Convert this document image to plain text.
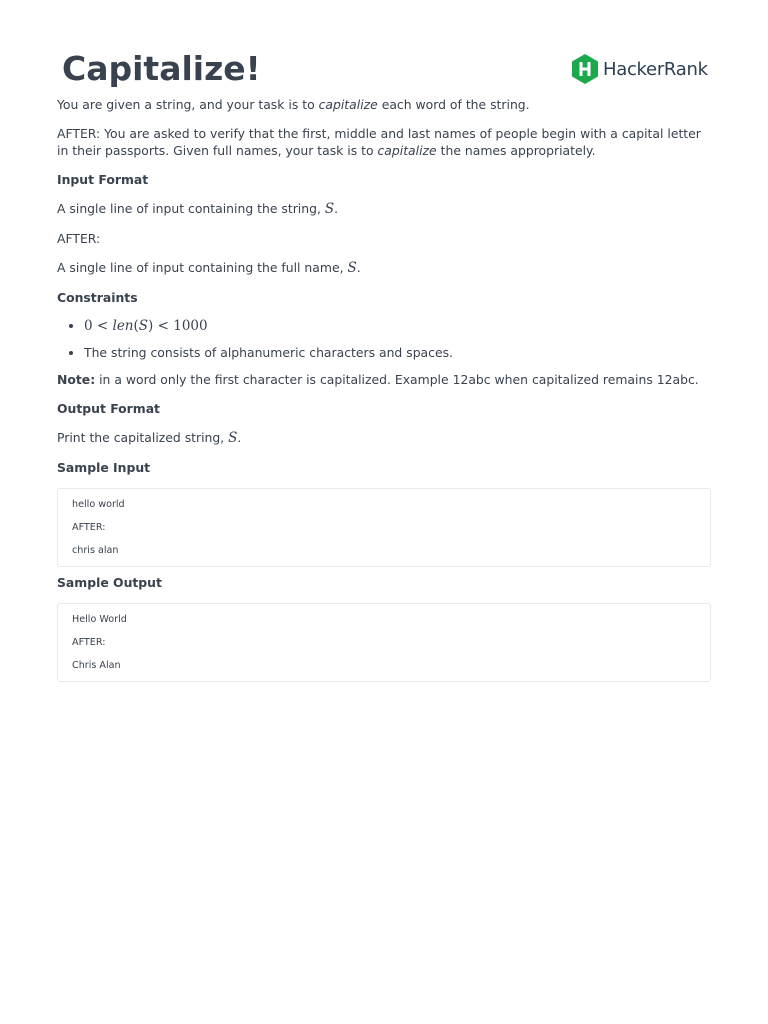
Capitalize!	HackerRank

You are given a string, and your task is to capitalize each word of the string.

AFTER: You are asked to verify that the first, middle and last names of people begin with a capital letter in their passports. Given full names, your task is to capitalize the names appropriately.

Input Format

A single line of input containing the string, S.

AFTER:

A single line of input containing the full name, S.

Constraints
• 0 < len(S) < 1000
• The string consists of alphanumeric characters and spaces.

Note: in a word only the first character is capitalized. Example 12abc when capitalized remains 12abc.

Output Format

Print the capitalized string, S.

Sample Input
hello world
AFTER:
chris alan
Sample Output
Hello World
AFTER:
Chris Alan
